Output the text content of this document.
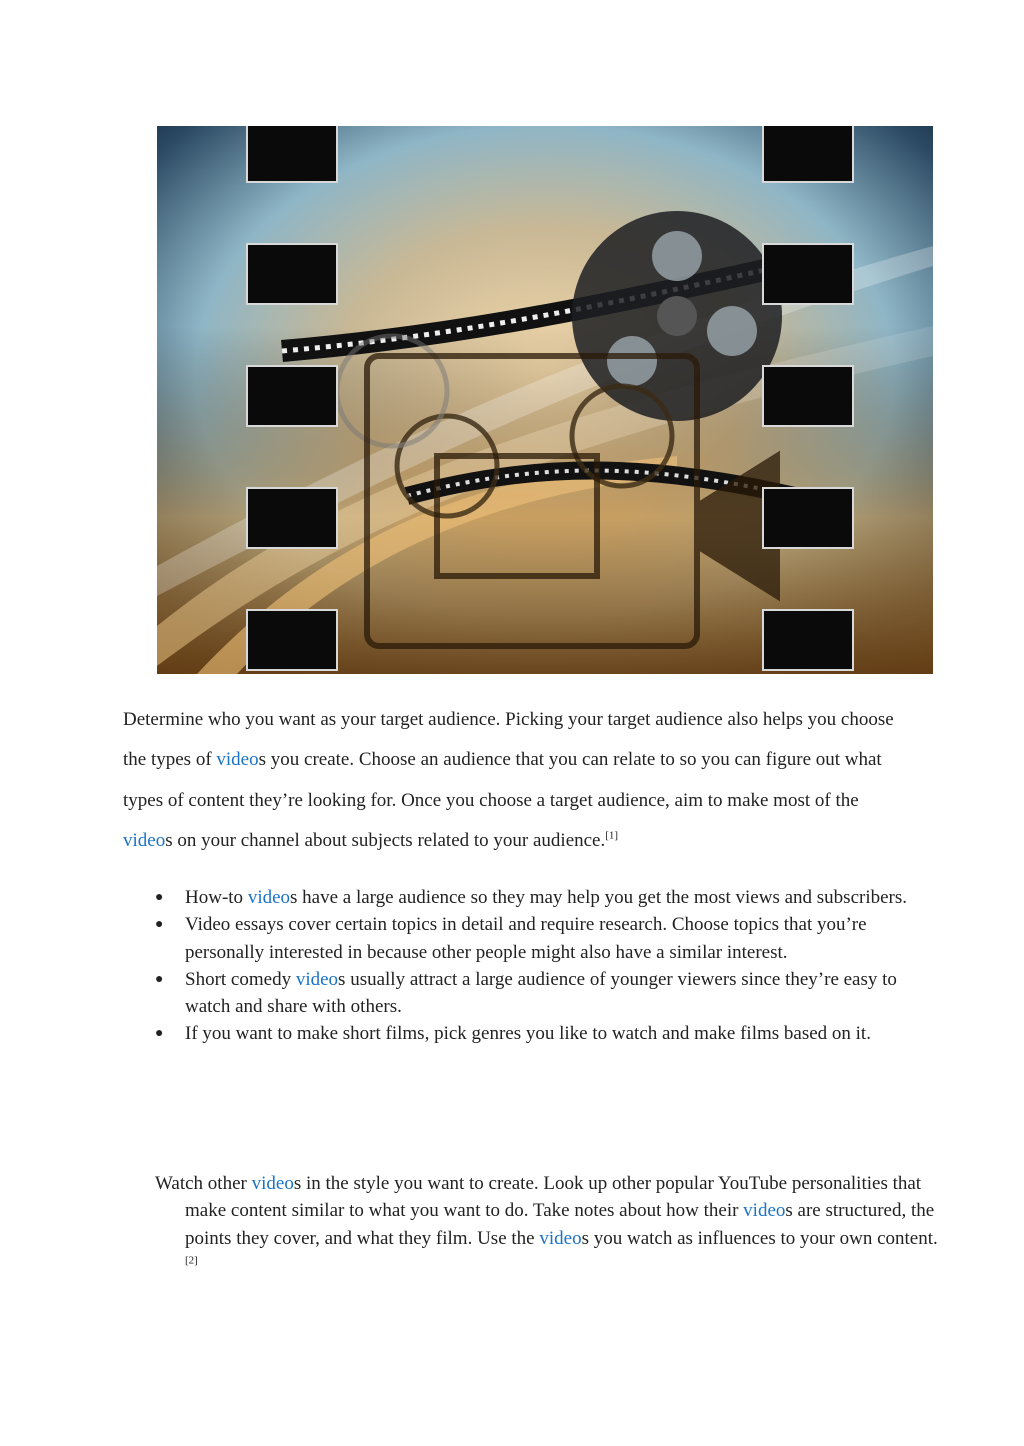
Determine who you want as your target audience. Picking your target audience also helps you choose the types of videos you create. Choose an audience that you can relate to so you can figure out what types of content they’re looking for. Once you choose a target audience, aim to make most of the videos on your channel about subjects related to your audience.[1]

● How-to videos have a large audience so they may help you get the most views and subscribers.
● Video essays cover certain topics in detail and require research. Choose topics that you’re personally interested in because other people might also have a similar interest.
● Short comedy videos usually attract a large audience of younger viewers since they’re easy to watch and share with others.
● If you want to make short films, pick genres you like to watch and make films based on it.

Watch other videos in the style you want to create. Look up other popular YouTube personalities that make content similar to what you want to do. Take notes about how their videos are structured, the points they cover, and what they film. Use the videos you watch as influences to your own content.[2]
